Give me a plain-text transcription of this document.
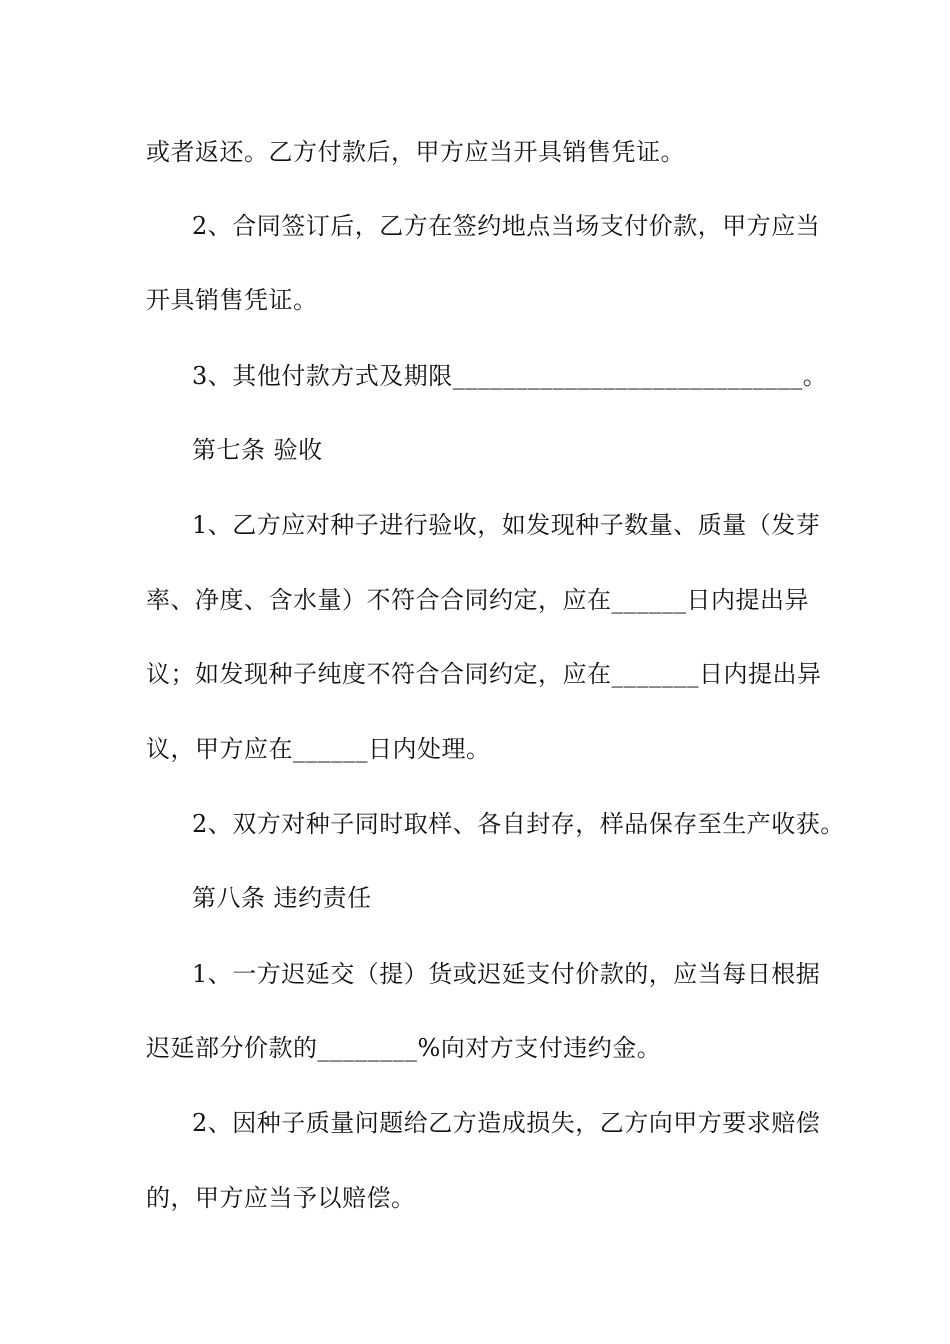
或者返还。乙方付款后，甲方应当开具销售凭证。
2、合同签订后，乙方在签约地点当场支付价款，甲方应当
开具销售凭证。
3、其他付款方式及期限____________________________。
第七条 验收
1、乙方应对种子进行验收，如发现种子数量、质量（发芽
率、净度、含水量）不符合合同约定，应在______日内提出异
议；如发现种子纯度不符合合同约定，应在_______日内提出异
议，甲方应在______日内处理。
2、双方对种子同时取样、各自封存，样品保存至生产收获。
第八条 违约责任
1、一方迟延交（提）货或迟延支付价款的，应当每日根据
迟延部分价款的________%向对方支付违约金。
2、因种子质量问题给乙方造成损失，乙方向甲方要求赔偿
的，甲方应当予以赔偿。
